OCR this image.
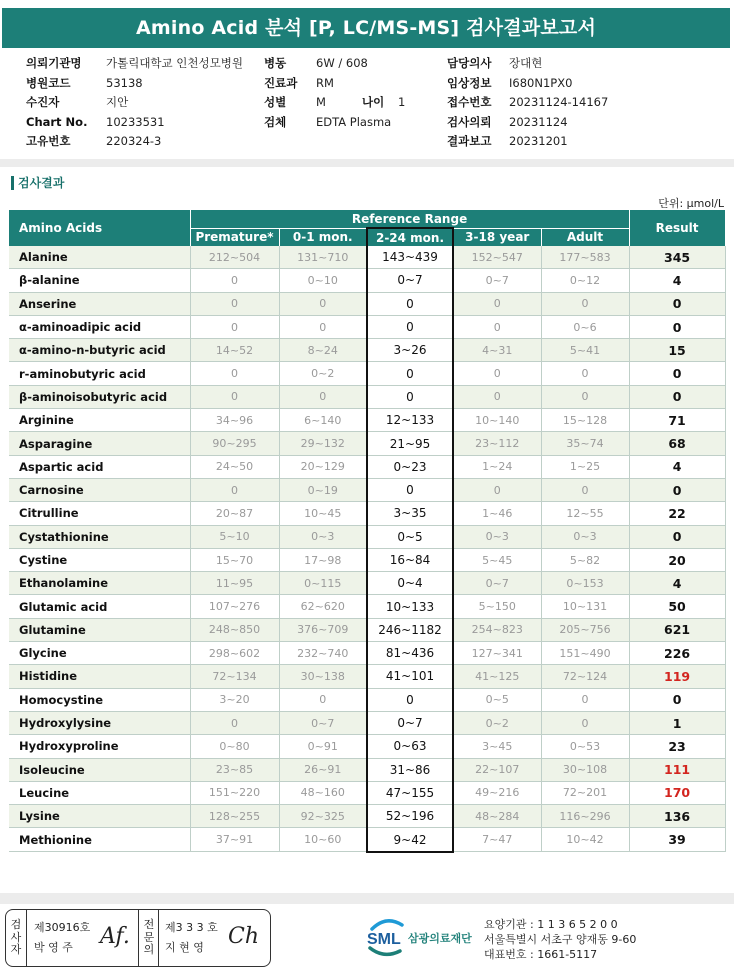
Amino Acid 분석 [P, LC/MS-MS] 검사결과보고서
의뢰기관명 가톨릭대학교 인천성모병원
병원코드	53138
수진자	지안
Chart No. 10233531
고유번호	220324-3
병동	6W / 608
진료과 RM
성별	M	나이 1
검체	EDTA Plasma
담당의사 장대현
임상정보 I680N1PX0
접수번호 20231124-14167
검사의뢰 20231124
결과보고 20231201
검사결과
단위: μmol/L
Amino Acids	Reference Range					Result
	Premature*	0-1 mon.	2-24 mon.	3-18 year	Adult	
Alanine	212~504	131~710	143~439	152~547	177~583	345
β-alanine	0	0~10	0~7	0~7	0~12	4
Anserine	0	0	0	0	0	0
α-aminoadipic acid	0	0	0	0	0~6	0
α-amino-n-butyric acid	14~52	8~24	3~26	4~31	5~41	15
r-aminobutyric acid	0	0~2	0	0	0	0
β-aminoisobutyric acid	0	0	0	0	0	0
Arginine	34~96	6~140	12~133	10~140	15~128	71
Asparagine	90~295	29~132	21~95	23~112	35~74	68
Aspartic acid	24~50	20~129	0~23	1~24	1~25	4
Carnosine	0	0~19	0	0	0	0
Citrulline	20~87	10~45	3~35	1~46	12~55	22
Cystathionine	5~10	0~3	0~5	0~3	0~3	0
Cystine	15~70	17~98	16~84	5~45	5~82	20
Ethanolamine	11~95	0~115	0~4	0~7	0~153	4
Glutamic acid	107~276	62~620	10~133	5~150	10~131	50
Glutamine	248~850	376~709	246~1182	254~823	205~756	621
Glycine	298~602	232~740	81~436	127~341	151~490	226
Histidine	72~134	30~138	41~101	41~125	72~124	119
Homocystine	3~20	0	0	0~5	0	0
Hydroxylysine	0	0~7	0~7	0~2	0	1
Hydroxyproline	0~80	0~91	0~63	3~45	0~53	23
Isoleucine	23~85	26~91	31~86	22~107	30~108	111
Leucine	151~220	48~160	47~155	49~216	72~201	170
Lysine	128~255	92~325	52~196	48~284	116~296	136
Methionine	37~91	10~60	9~42	7~47	10~42	39
검
사
자
제30916호
박 영 주 Af. 전
문
의
제3 3 3 호
지 현 영 Ch	SML 삼광의료재단
요양기관 : 1 1 3 6 5 2 0 0
서울특별시 서초구 양재동 9-60
대표번호 : 1661-5117
